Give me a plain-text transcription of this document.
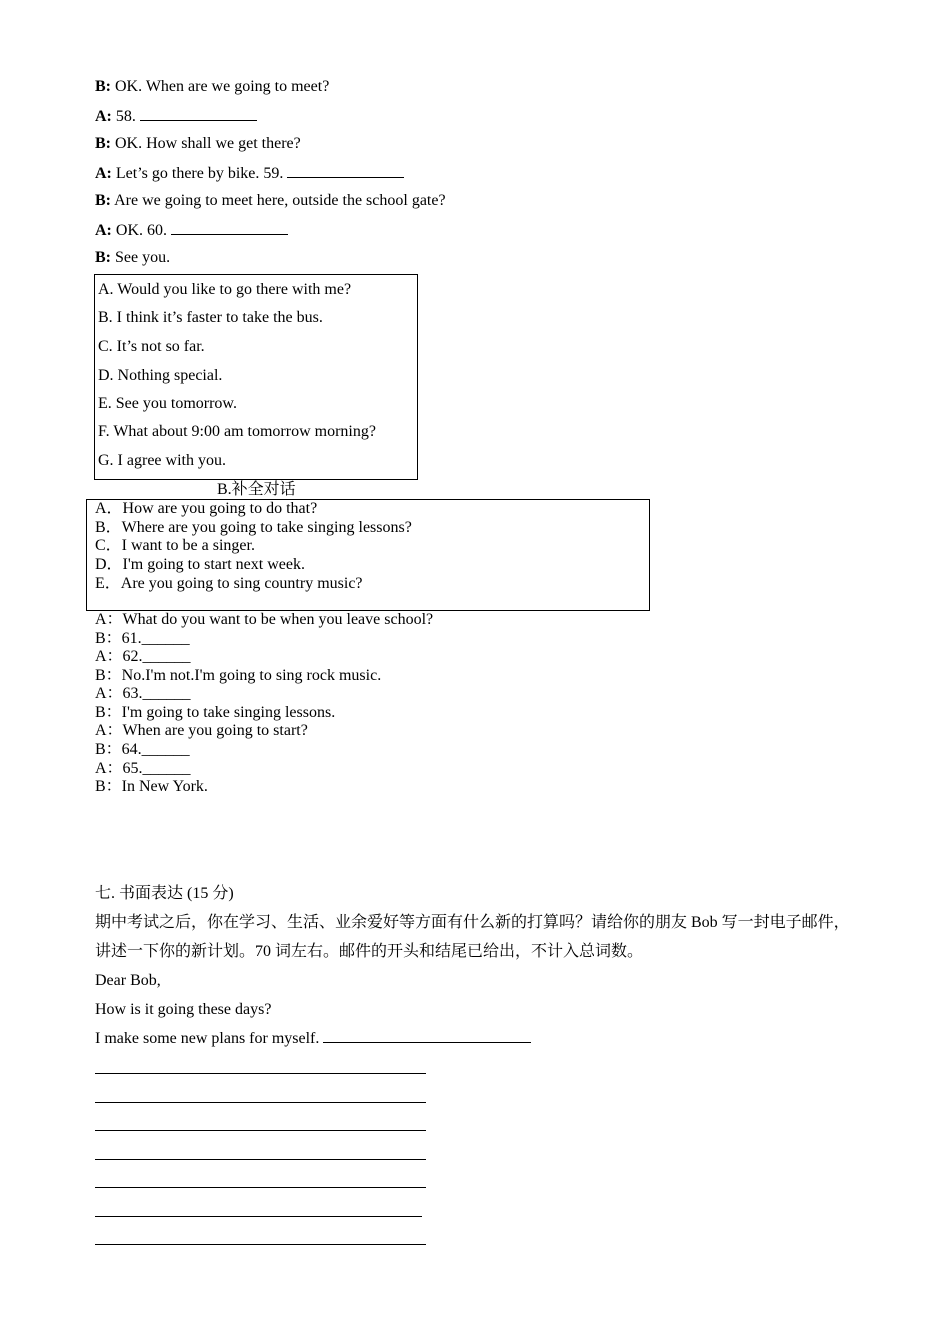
B: OK. When are we going to meet?
A: 58.
B: OK. How shall we get there?
A: Let’s go there by bike. 59.
B: Are we going to meet here, outside the school gate?
A: OK. 60.
B: See you.
A. Would you like to go there with me?
B. I think it’s faster to take the bus.
C. It’s not so far.
D. Nothing special.
E. See you tomorrow.
F. What about 9:00 am tomorrow morning?
G. I agree with you.
B.补全对话
A．How are you going to do that?
B．Where are you going to take singing lessons?
C．I want to be a singer.
D．I'm going to start next week.
E．Are you going to sing country music?
A：What do you want to be when you leave school?
B：61.______
A：62.______
B：No.I'm not.I'm going to sing rock music.
A：63.______
B：I'm going to take singing lessons.
A：When are you going to start?
B：64.______
A：65.______
B：In New York.
七. 书面表达 (15 分)
期中考试之后，你在学习、生活、业余爱好等方面有什么新的打算吗？请给你的朋友 Bob 写一封电子邮件，
讲述一下你的新计划。70 词左右。邮件的开头和结尾已给出，不计入总词数。
Dear Bob,
How is it going these days?
I make some new plans for myself.
